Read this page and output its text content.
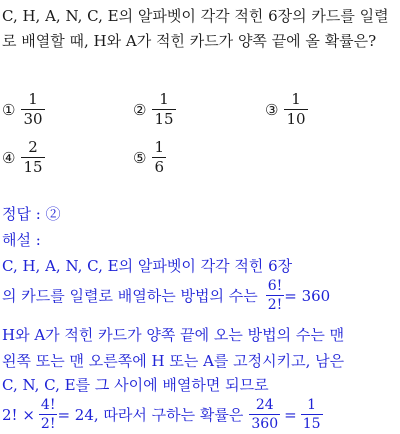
C, H, A, N, C, E의 알파벳이 각각 적힌 6장의 카드를 일렬
로 배열할 때, H와 A가 적힌 카드가 양쪽 끝에 올 확률은?
① $\frac{1}{30}$	② $\frac{1}{15}$	③ $\frac{1}{10}$
④ $\frac{2}{15}$	⑤ $\frac{1}{6}$
정답 : ②
해설 :
C, H, A, N, C, E의 알파벳이 각각 적힌 6장
의 카드를 일렬로 배열하는 방법의 수는 $\frac{6!}{2!} = 360$
H와 A가 적힌 카드가 양쪽 끝에 오는 방법의 수는 맨
왼쪽 또는 맨 오른쪽에 H 또는 A를 고정시키고, 남은
C, N, C, E를 그 사이에 배열하면 되므로
2! × $\frac{4!}{2!} = 24$, 따라서 구하는 확률은 $\frac{24}{360} = \frac{1}{15}$
